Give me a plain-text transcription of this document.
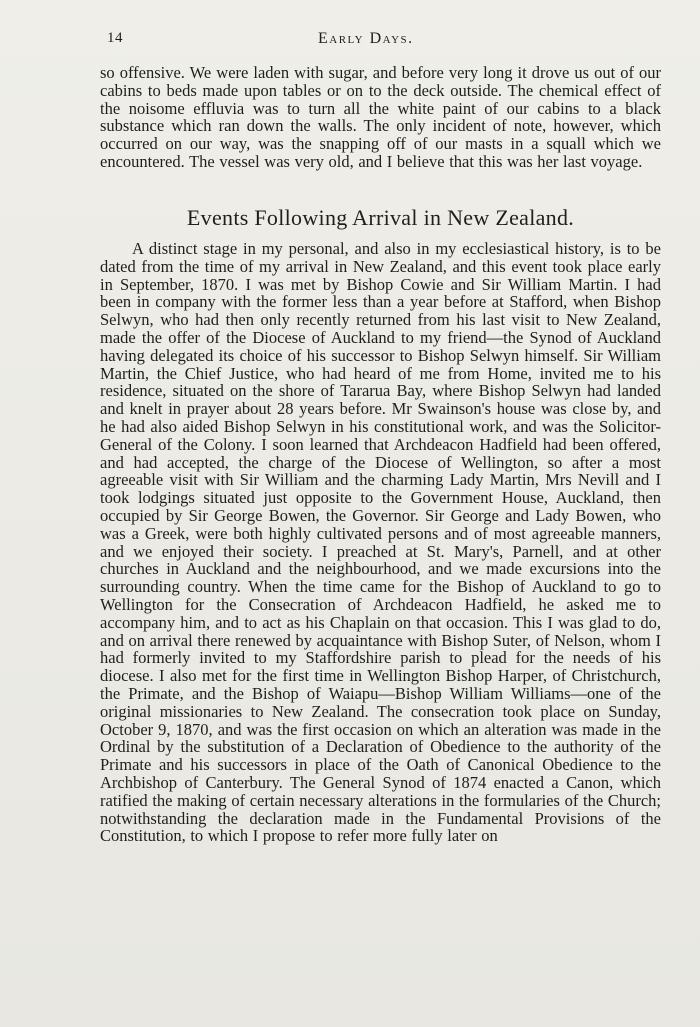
14	Early Days.

so offensive. We were laden with sugar, and before very long it drove us out of our cabins to beds made upon tables or on to the deck outside. The chemical effect of the noisome effluvia was to turn all the white paint of our cabins to a black substance which ran down the walls. The only incident of note, however, which occurred on our way, was the snapping off of our masts in a squall which we encountered. The vessel was very old, and I believe that this was her last voyage.

Events Following Arrival in New Zealand.

A distinct stage in my personal, and also in my ecclesiastical history, is to be dated from the time of my arrival in New Zealand, and this event took place early in September, 1870. I was met by Bishop Cowie and Sir William Martin. I had been in company with the former less than a year before at Stafford, when Bishop Selwyn, who had then only recently returned from his last visit to New Zealand, made the offer of the Diocese of Auckland to my friend—the Synod of Auckland having delegated its choice of his successor to Bishop Selwyn himself. Sir William Martin, the Chief Justice, who had heard of me from Home, invited me to his residence, situated on the shore of Tararua Bay, where Bishop Selwyn had landed and knelt in prayer about 28 years before. Mr Swainson's house was close by, and he had also aided Bishop Selwyn in his constitutional work, and was the Solicitor-General of the Colony. I soon learned that Archdeacon Hadfield had been offered, and had accepted, the charge of the Diocese of Wellington, so after a most agreeable visit with Sir William and the charming Lady Martin, Mrs Nevill and I took lodgings situated just opposite to the Government House, Auckland, then occupied by Sir George Bowen, the Governor. Sir George and Lady Bowen, who was a Greek, were both highly cultivated persons and of most agreeable manners, and we enjoyed their society. I preached at St. Mary's, Parnell, and at other churches in Auckland and the neighbourhood, and we made excursions into the surrounding country. When the time came for the Bishop of Auckland to go to Wellington for the Consecration of Archdeacon Hadfield, he asked me to accompany him, and to act as his Chaplain on that occasion. This I was glad to do, and on arrival there renewed by acquaintance with Bishop Suter, of Nelson, whom I had formerly invited to my Staffordshire parish to plead for the needs of his diocese. I also met for the first time in Wellington Bishop Harper, of Christchurch, the Primate, and the Bishop of Waiapu—Bishop William Williams—one of the original missionaries to New Zealand. The consecration took place on Sunday, October 9, 1870, and was the first occasion on which an alteration was made in the Ordinal by the substitution of a Declaration of Obedience to the authority of the Primate and his successors in place of the Oath of Canonical Obedience to the Archbishop of Canterbury. The General Synod of 1874 enacted a Canon, which ratified the making of certain necessary alterations in the formularies of the Church; notwithstanding the declaration made in the Fundamental Provisions of the Constitution, to which I propose to refer more fully later on
